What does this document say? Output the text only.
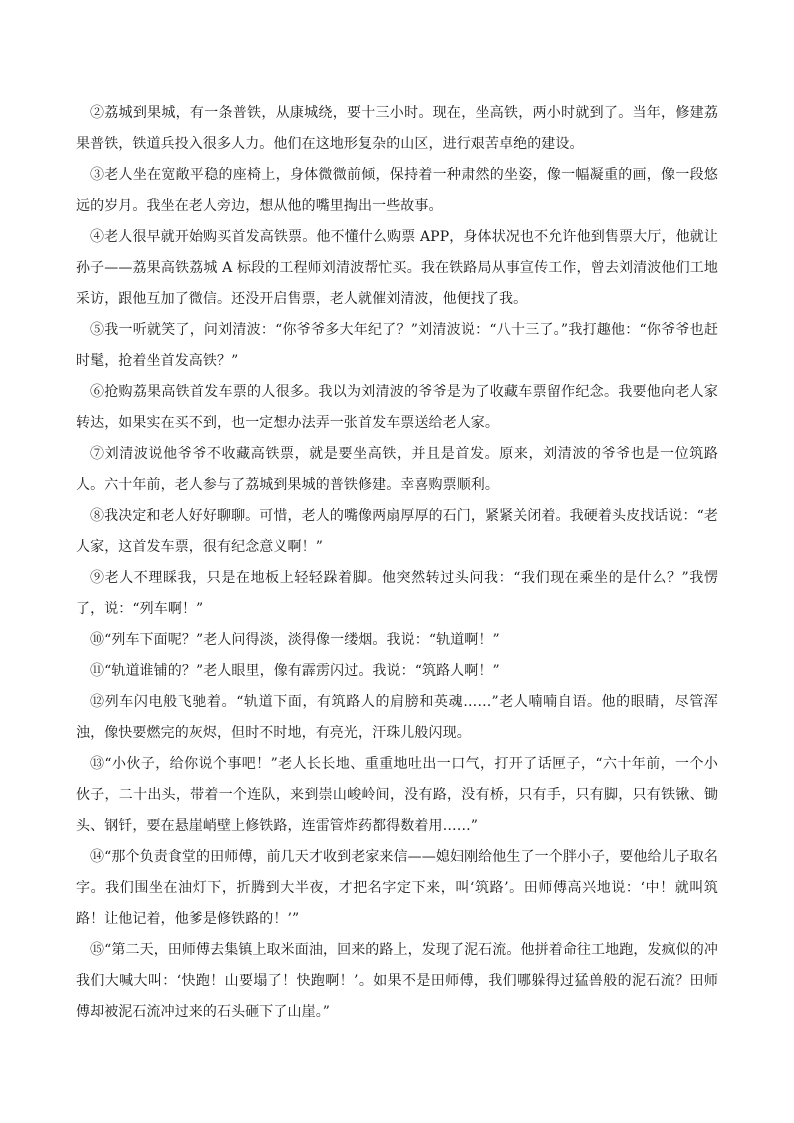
②荔城到果城，有一条普铁，从康城绕，要十三小时。现在，坐高铁，两小时就到了。当年，修建荔果普铁，铁道兵投入很多人力。他们在这地形复杂的山区，进行艰苦卓绝的建设。

③老人坐在宽敞平稳的座椅上，身体微微前倾，保持着一种肃然的坐姿，像一幅凝重的画，像一段悠远的岁月。我坐在老人旁边，想从他的嘴里掏出一些故事。

④老人很早就开始购买首发高铁票。他不懂什么购票 APP，身体状况也不允许他到售票大厅，他就让孙子——荔果高铁荔城 A 标段的工程师刘清波帮忙买。我在铁路局从事宣传工作，曾去刘清波他们工地采访，跟他互加了微信。还没开启售票，老人就催刘清波，他便找了我。

⑤我一听就笑了，问刘清波：“你爷爷多大年纪了？”刘清波说：“八十三了。”我打趣他：“你爷爷也赶时髦，抢着坐首发高铁？”

⑥抢购荔果高铁首发车票的人很多。我以为刘清波的爷爷是为了收藏车票留作纪念。我要他向老人家转达，如果实在买不到，也一定想办法弄一张首发车票送给老人家。

⑦刘清波说他爷爷不收藏高铁票，就是要坐高铁，并且是首发。原来，刘清波的爷爷也是一位筑路人。六十年前，老人参与了荔城到果城的普铁修建。幸喜购票顺利。

⑧我决定和老人好好聊聊。可惜，老人的嘴像两扇厚厚的石门，紧紧关闭着。我硬着头皮找话说：“老人家，这首发车票，很有纪念意义啊！”

⑨老人不理睬我，只是在地板上轻轻跺着脚。他突然转过头问我：“我们现在乘坐的是什么？”我愣了，说：“列车啊！”

⑩“列车下面呢？”老人问得淡，淡得像一缕烟。我说：“轨道啊！”

⑪“轨道谁铺的？”老人眼里，像有霹雳闪过。我说：“筑路人啊！”

⑫列车闪电般飞驰着。“轨道下面，有筑路人的肩膀和英魂……”老人喃喃自语。他的眼睛，尽管浑浊，像快要燃完的灰烬，但时不时地，有亮光，汗珠儿般闪现。

⑬“小伙子，给你说个事吧！”老人长长地、重重地吐出一口气，打开了话匣子，“六十年前，一个小伙子，二十出头，带着一个连队，来到崇山峻岭间，没有路，没有桥，只有手，只有脚，只有铁锹、锄头、钢钎，要在悬崖峭壁上修铁路，连雷管炸药都得数着用……”

⑭“那个负责食堂的田师傅，前几天才收到老家来信——媳妇刚给他生了一个胖小子，要他给儿子取名字。我们围坐在油灯下，折腾到大半夜，才把名字定下来，叫‘筑路’。田师傅高兴地说：‘中！就叫筑路！让他记着，他爹是修铁路的！’”

⑮“第二天，田师傅去集镇上取米面油，回来的路上，发现了泥石流。他拼着命往工地跑，发疯似的冲我们大喊大叫：‘快跑！山要塌了！快跑啊！’。如果不是田师傅，我们哪躲得过猛兽般的泥石流？田师傅却被泥石流冲过来的石头砸下了山崖。”
